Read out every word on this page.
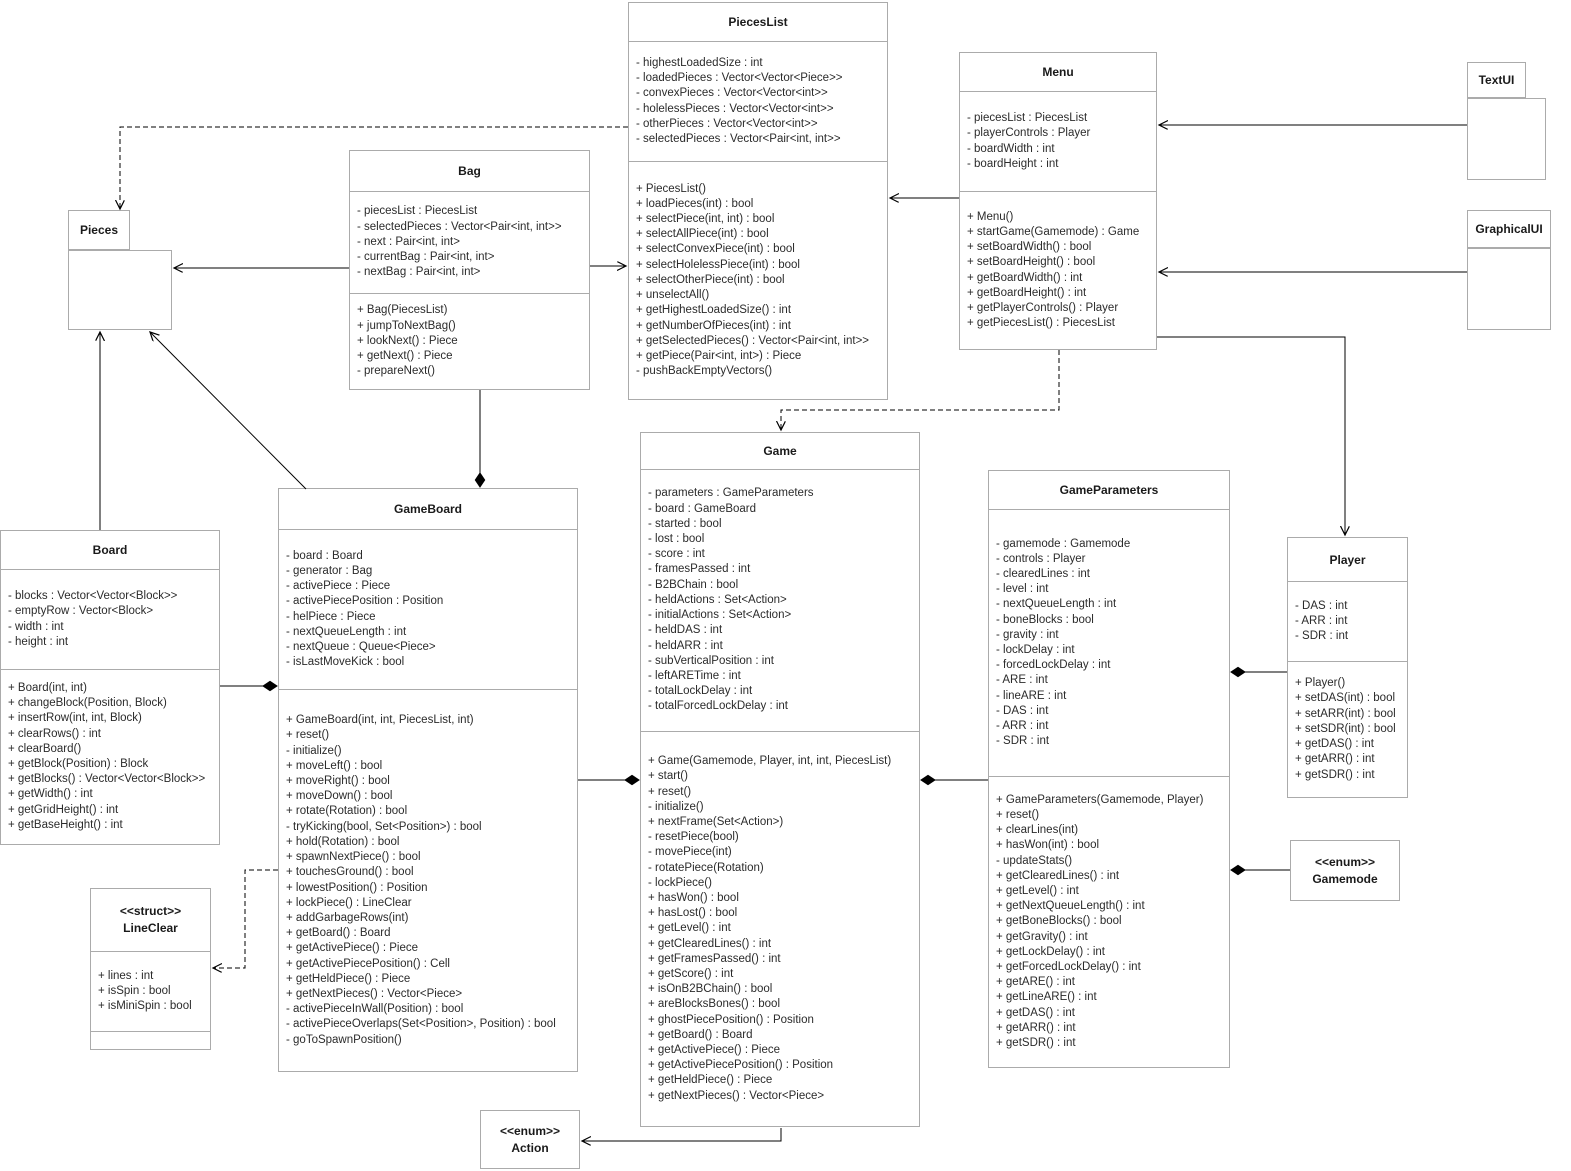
PiecesList
- highestLoadedSize : int
- loadedPieces : Vector<Vector<Piece>>
- convexPieces : Vector<Vector<int>>
- holelessPieces : Vector<Vector<int>>
- otherPieces : Vector<Vector<int>>
- selectedPieces : Vector<Pair<int, int>>
+ PiecesList()
+ loadPieces(int) : bool
+ selectPiece(int, int) : bool
+ selectAllPiece(int) : bool
+ selectConvexPiece(int) : bool
+ selectHolelessPiece(int) : bool
+ selectOtherPiece(int) : bool
+ unselectAll()
+ getHighestLoadedSize() : int
+ getNumberOfPieces(int) : int
+ getSelectedPieces() : Vector<Pair<int, int>>
+ getPiece(Pair<int, int>) : Piece
- pushBackEmptyVectors()
Menu
- piecesList : PiecesList
- playerControls : Player
- boardWidth : int
- boardHeight : int
+ Menu()
+ startGame(Gamemode) : Game
+ setBoardWidth() : bool
+ setBoardHeight() : bool
+ getBoardWidth() : int
+ getBoardHeight() : int
+ getPlayerControls() : Player
+ getPiecesList() : PiecesList
Bag
- piecesList : PiecesList
- selectedPieces : Vector<Pair<int, int>>
- next : Pair<int, int>
- currentBag : Pair<int, int>
- nextBag : Pair<int, int>
+ Bag(PiecesList)
+ jumpToNextBag()
+ lookNext() : Piece
+ getNext() : Piece
- prepareNext()
Board
- blocks : Vector<Vector<Block>>
- emptyRow : Vector<Block>
- width : int
- height : int
+ Board(int, int)
+ changeBlock(Position, Block)
+ insertRow(int, int, Block)
+ clearRows() : int
+ clearBoard()
+ getBlock(Position) : Block
+ getBlocks() : Vector<Vector<Block>>
+ getWidth() : int
+ getGridHeight() : int
+ getBaseHeight() : int
GameBoard
- board : Board
- generator : Bag
- activePiece : Piece
- activePiecePosition : Position
- helPiece : Piece
- nextQueueLength : int
- nextQueue : Queue<Piece>
- isLastMoveKick : bool
+ GameBoard(int, int, PiecesList, int)
+ reset()
- initialize()
+ moveLeft() : bool
+ moveRight() : bool
+ moveDown() : bool
+ rotate(Rotation) : bool
- tryKicking(bool, Set<Position>) : bool
+ hold(Rotation) : bool
+ spawnNextPiece() : bool
+ touchesGround() : bool
+ lowestPosition() : Position
+ lockPiece() : LineClear
+ addGarbageRows(int)
+ getBoard() : Board
+ getActivePiece() : Piece
+ getActivePiecePosition() : Cell
+ getHeldPiece() : Piece
+ getNextPieces() : Vector<Piece>
- activePieceInWall(Position) : bool
- activePieceOverlaps(Set<Position>, Position) : bool
- goToSpawnPosition()
Game
- parameters : GameParameters
- board : GameBoard
- started : bool
- lost : bool
- score : int
- framesPassed : int
- B2BChain : bool
- heldActions : Set<Action>
- initialActions : Set<Action>
- heldDAS : int
- heldARR : int
- subVerticalPosition : int
- leftARETime : int
- totalLockDelay : int
- totalForcedLockDelay : int
+ Game(Gamemode, Player, int, int, PiecesList)
+ start()
+ reset()
- initialize()
+ nextFrame(Set<Action>)
- resetPiece(bool)
- movePiece(int)
- rotatePiece(Rotation)
- lockPiece()
+ hasWon() : bool
+ hasLost() : bool
+ getLevel() : int
+ getClearedLines() : int
+ getFramesPassed() : int
+ getScore() : int
+ isOnB2BChain() : bool
+ areBlocksBones() : bool
+ ghostPiecePosition() : Position
+ getBoard() : Board
+ getActivePiece() : Piece
+ getActivePiecePosition() : Position
+ getHeldPiece() : Piece
+ getNextPieces() : Vector<Piece>
GameParameters
- gamemode : Gamemode
- controls : Player
- clearedLines : int
- level : int
- nextQueueLength : int
- boneBlocks : bool
- gravity : int
- lockDelay : int
- forcedLockDelay : int
- ARE : int
- lineARE : int
- DAS : int
- ARR : int
- SDR : int
+ GameParameters(Gamemode, Player)
+ reset()
+ clearLines(int)
+ hasWon(int) : bool
- updateStats()
+ getClearedLines() : int
+ getLevel() : int
+ getNextQueueLength() : int
+ getBoneBlocks() : bool
+ getGravity() : int
+ getLockDelay() : int
+ getForcedLockDelay() : int
+ getARE() : int
+ getLineARE() : int
+ getDAS() : int
+ getARR() : int
+ getSDR() : int
Player
- DAS : int
- ARR : int
- SDR : int
+ Player()
+ setDAS(int) : bool
+ setARR(int) : bool
+ setSDR(int) : bool
+ getDAS() : int
+ getARR() : int
+ getSDR() : int
<<struct>>
LineClear
+ lines : int
+ isSpin : bool
+ isMiniSpin : bool
Pieces
TextUI
GraphicalUI
<<enum>>
Gamemode
<<enum>>
Action
